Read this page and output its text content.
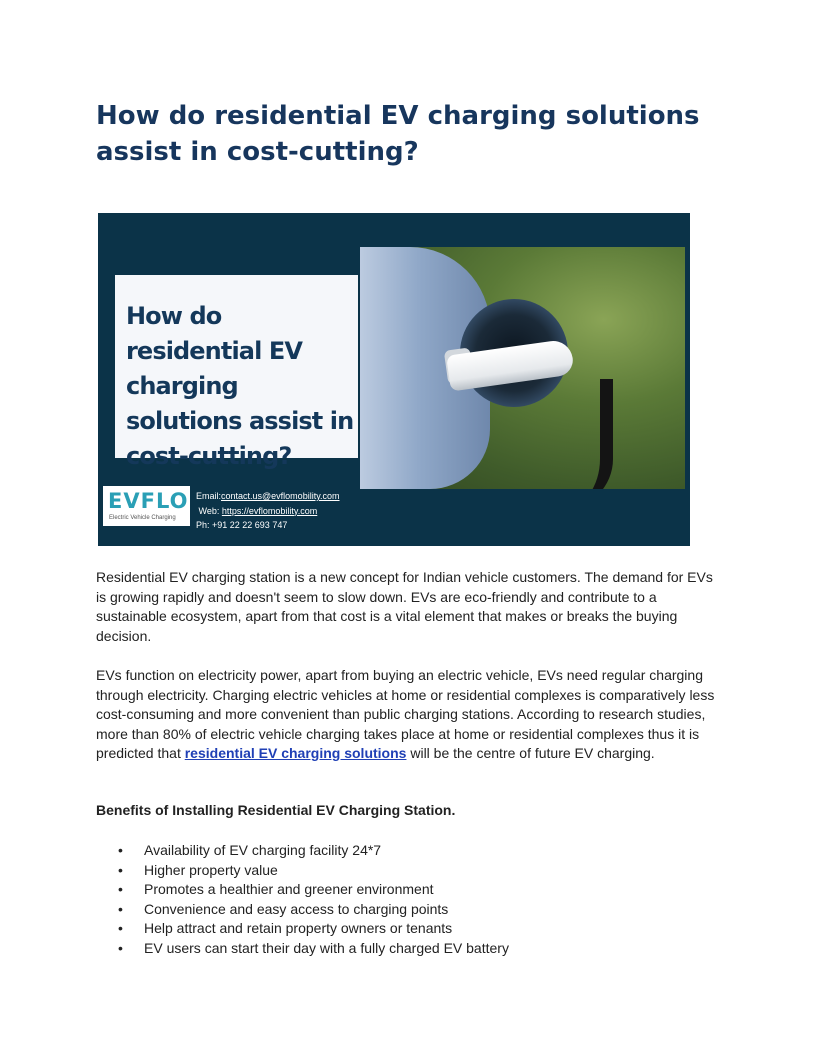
How do residential EV charging solutions assist in cost-cutting?
How do residential EV charging solutions assist in cost-cutting?
EVFLO
Electric Vehicle Charging
Email:contact.us@evflomobility.com
Web: https://evflomobility.com
Ph: +91 22 22 693 747

Residential EV charging station is a new concept for Indian vehicle customers. The demand for EVs is growing rapidly and doesn't seem to slow down. EVs are eco-friendly and contribute to a sustainable ecosystem, apart from that cost is a vital element that makes or breaks the buying decision.

EVs function on electricity power, apart from buying an electric vehicle, EVs need regular charging through electricity. Charging electric vehicles at home or residential complexes is comparatively less cost-consuming and more convenient than public charging stations. According to research studies, more than 80% of electric vehicle charging takes place at home or residential complexes thus it is predicted that residential EV charging solutions will be the centre of future EV charging.

Benefits of Installing Residential EV Charging Station.

• Availability of EV charging facility 24*7
• Higher property value
• Promotes a healthier and greener environment
• Convenience and easy access to charging points
• Help attract and retain property owners or tenants
• EV users can start their day with a fully charged EV battery
